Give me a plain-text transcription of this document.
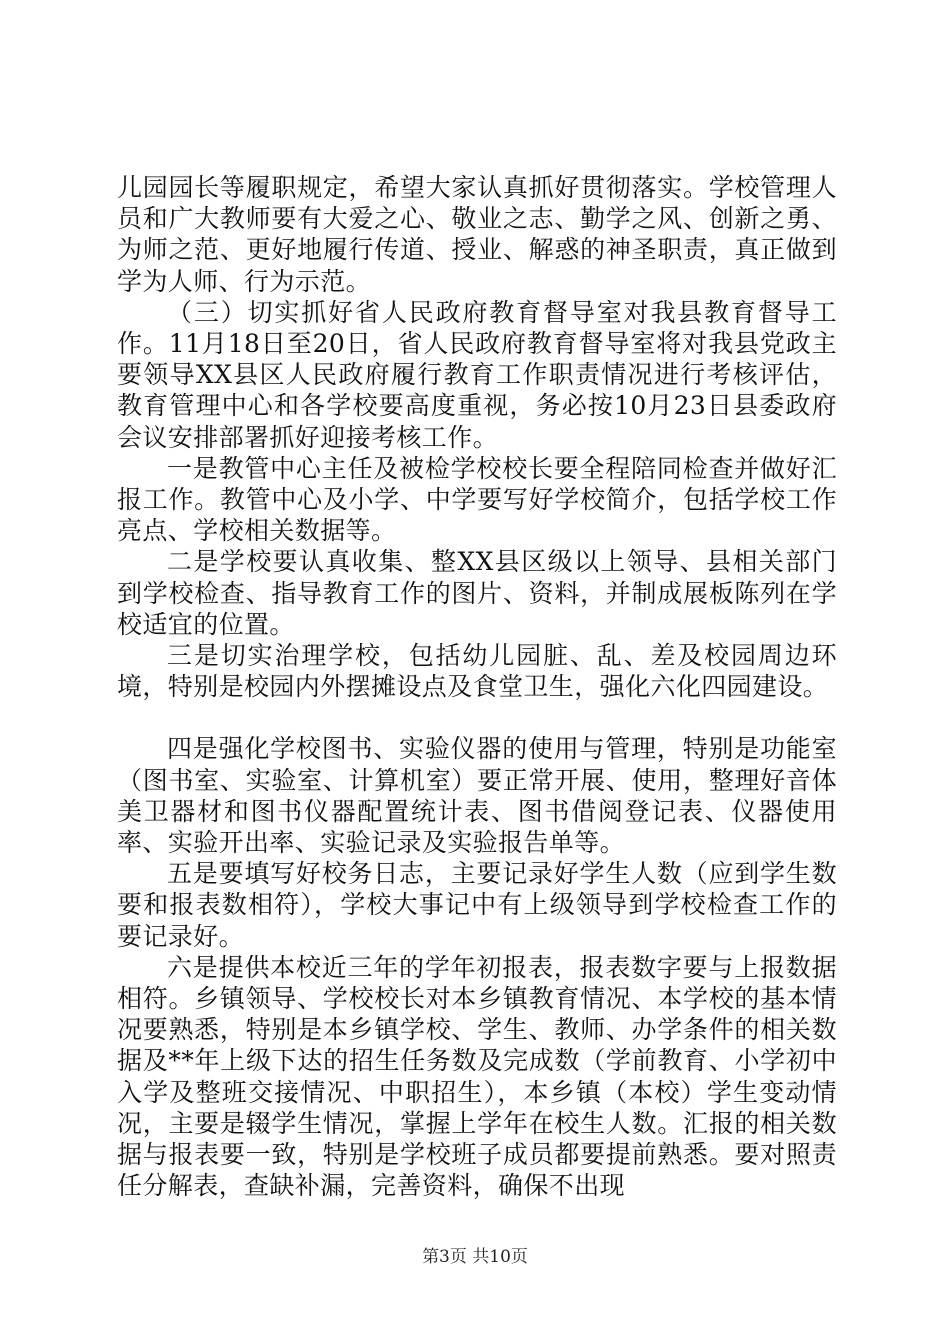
儿园园长等履职规定，希望大家认真抓好贯彻落实。学校管理人员和广大教师要有大爱之心、敬业之志、勤学之风、创新之勇、为师之范、更好地履行传道、授业、解惑的神圣职责，真正做到学为人师、行为示范。

（三）切实抓好省人民政府教育督导室对我县教育督导工作。11月18日至20日，省人民政府教育督导室将对我县党政主要领导XX县区人民政府履行教育工作职责情况进行考核评估，教育管理中心和各学校要高度重视，务必按10月23日县委政府会议安排部署抓好迎接考核工作。

一是教管中心主任及被检学校校长要全程陪同检查并做好汇报工作。教管中心及小学、中学要写好学校简介，包括学校工作亮点、学校相关数据等。

二是学校要认真收集、整XX县区级以上领导、县相关部门到学校检查、指导教育工作的图片、资料，并制成展板陈列在学校适宜的位置。

三是切实治理学校，包括幼儿园脏、乱、差及校园周边环境，特别是校园内外摆摊设点及食堂卫生，强化六化四园建设。

四是强化学校图书、实验仪器的使用与管理，特别是功能室（图书室、实验室、计算机室）要正常开展、使用，整理好音体美卫器材和图书仪器配置统计表、图书借阅登记表、仪器使用率、实验开出率、实验记录及实验报告单等。

五是要填写好校务日志，主要记录好学生人数（应到学生数要和报表数相符），学校大事记中有上级领导到学校检查工作的要记录好。

六是提供本校近三年的学年初报表，报表数字要与上报数据相符。乡镇领导、学校校长对本乡镇教育情况、本学校的基本情况要熟悉，特别是本乡镇学校、学生、教师、办学条件的相关数据及**年上级下达的招生任务数及完成数（学前教育、小学初中入学及整班交接情况、中职招生），本乡镇（本校）学生变动情况，主要是辍学生情况，掌握上学年在校生人数。汇报的相关数据与报表要一致，特别是学校班子成员都要提前熟悉。要对照责任分解表，查缺补漏，完善资料，确保不出现

第3页 共10页
